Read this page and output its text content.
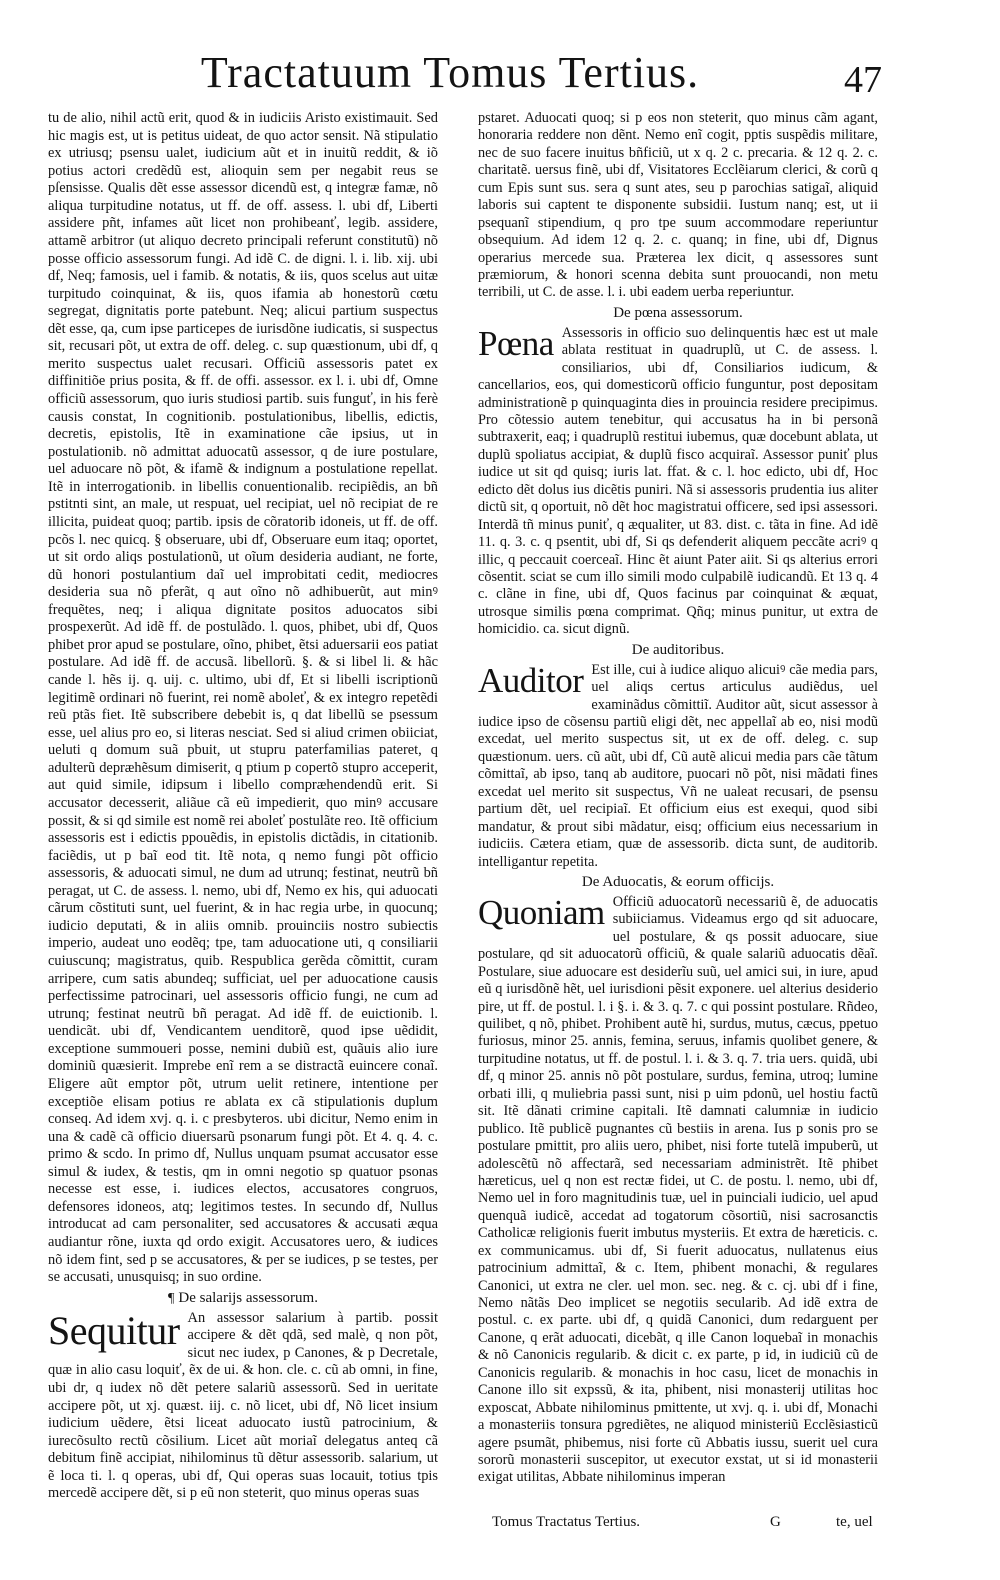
Tractatuum Tomus Tertius.	47

tu de alio, nihil actũ erit, quod & in iudiciis Aristo existimauit. Sed hic magis est, ut is petitus uideat, de quo actor sensit. Nã stipulatio ex utriusq; psensu ualet, iudicium aũt et in inuitũ reddit, & iõ potius actori credẽdũ est, alioquin sem per negabit reus se pſensisse. Qualis dẽt esse assessor dicendũ est, q integræ famæ, nõ aliqua turpitudine notatus, ut ff. de off. assess. l. ubi df, Liberti assidere pñt, infames aũt licet non prohibeanť, legib. assidere, attamẽ arbitror (ut aliquo decreto principali referunt constitutũ) nõ posse officio assessorum fungi. Ad idẽ C. de digni. l. i. lib. xij. ubi df, Neq; famosis, uel i famib. & notatis, & iis, quos scelus aut uitæ turpitudo coinquinat, & iis, quos ifamia ab honestorũ cœtu segregat, dignitatis porte patebunt. Neq; alicui partium suspectus dẽt esse, qa, cum ipse particepes de iurisdõne iudicatis, si suspectus sit, recusari põt, ut extra de off. deleg. c. sup quæstionum, ubi df, q merito suspectus ualet recusari. Officiũ assessoris patet ex diffinitiõe prius posita, & ff. de offi. assessor. ex l. i. ubi df, Omne officiũ assessorum, quo iuris studiosi partib. suis funguť, in his ferè causis constat, In cognitionib. postulationibus, libellis, edictis, decretis, epistolis, Itẽ in examinatione cãe ipsius, ut in postulationib. nõ admittat aduocatũ assessor, q de iure postulare, uel aduocare nõ põt, & ifamẽ & indignum a postulatione repellat. Itẽ in interrogationib. in libellis conuentionalib. recipiẽdis, an bñ pstitnti sint, an male, ut respuat, uel recipiat, uel nõ recipiat de re illicita, puideat quoq; partib. ipsis de cõratorib idoneis, ut ff. de off. pcõs l. nec quicq. § obseruare, ubi df, Obseruare eum itaq; oportet, ut sit ordo aliqs postulationũ, ut oĩum desideria audiant, ne forte, dũ honori postulantium daĩ uel improbitati cedit, mediocres desideria sua nõ pferãt, q aut oĩno nõ adhibuerũt, aut minꝰ frequẽtes, neq; i aliqua dignitate positos aduocatos sibi prospexerũt. Ad idẽ ff. de postulãdo. l. quos, phibet, ubi df, Quos phibet pror apud se postulare, oĩno, phibet, ẽtsi aduersarii eos patiat postulare. Ad idẽ ff. de accusã. libellorũ. §. & si libel li. & hãc cande l. hẽs ij. q. uij. c. ultimo, ubi df, Et si libelli iscriptionũ legitimẽ ordinari nõ fuerint, rei nomẽ aboleť, & ex integro repetẽdi reũ ptãs fiet. Itẽ subscribere debebit is, q dat libellũ se psessum esse, uel alius pro eo, si literas nesciat. Sed si aliud crimen obiiciat, ueluti q domum suã pbuit, ut stupru paterfamilias pateret, q adulterũ depræhẽsum dimiserit, q ptium p copertõ stupro acceperit, aut quid simile, idipsum i libello compræhendendũ erit. Si accusator decesserit, aliãue cã eũ impedierit, quo minꝰ accusare possit, & si qd simile est nomẽ rei aboleť postulãte reo. Itẽ officium assessoris est i edictis ppouẽdis, in epistolis dictãdis, in citationib. faciẽdis, ut p baĩ eod tit. Itẽ nota, q nemo fungi põt officio assessoris, & aduocati simul, ne dum ad utrunq; festinat, neutrũ bñ peragat, ut C. de assess. l. nemo, ubi df, Nemo ex his, qui aduocati cãrum cõstituti sunt, uel fuerint, & in hac regia urbe, in quocunq; iudicio deputati, & in aliis omnib. prouinciis nostro subiectis imperio, audeat uno eodẽq; tpe, tam aduocatione uti, q consiliarii cuiuscunq; magistratus, quib. Respublica gerẽda cõmittit, curam arripere, cum satis abundeq; sufficiat, uel per aduocatione causis perfectissime patrocinari, uel assessoris officio fungi, ne cum ad utrunq; festinat neutrũ bñ peragat. Ad idẽ ff. de euictionib. l. uendicãt. ubi df, Vendicantem uenditorẽ, quod ipse uẽdidit, exceptione summoueri posse, nemini dubiũ est, quãuis alio iure dominiũ quæsierit. Imprebe enĩ rem a se distractã euincere conaĩ. Eligere aũt emptor põt, utrum uelit retinere, intentione per exceptiõe elisam potius re ablata ex cã stipulationis duplum conseq. Ad idem xvj. q. i. c presbyteros. ubi dicitur, Nemo enim in una & cadẽ cã officio diuersarũ psonarum fungi põt. Et 4. q. 4. c. primo & scdo. In primo df, Nullus unquam psumat accusator esse simul & iudex, & testis, qm in omni negotio sp quatuor psonas necesse est esse, i. iudices electos, accusatores congruos, defensores idoneos, atq; legitimos testes. In secundo df, Nullus introducat ad cam personaliter, sed accusatores & accusati æqua audiantur rõne, iuxta qd ordo exigit. Accusatores uero, & iudices nõ idem fint, sed p se accusatores, & per se iudices, p se testes, per se accusati, unusquisq; in suo ordine.

¶ De salarijs assessorum.
Sequitur An assessor salarium à partib. possit accipere & dẽt qdã, sed malè, q non põt, sicut nec iudex, p Canones, & p Decretale, quæ in alio casu loquiť, ẽx de ui. & hon. cle. c. cũ ab omni, in fine, ubi dr, q iudex nõ dẽt petere salariũ assessorũ. Sed in ueritate accipere põt, ut xj. quæst. iij. c. nõ licet, ubi df, Nõ licet insium iudicium uẽdere, ẽtsi liceat aduocato iustũ patrocinium, & iurecõsulto rectũ cõsilium. Licet aũt moriaĩ delegatus anteq cã debitum finẽ accipiat, nihilominus tũ dẽtur assessorib. salarium, ut ẽ loca ti. l. q operas, ubi df, Qui operas suas locauit, totius tpis mercedẽ accipere dẽt, si p eũ non steterit, quo minus operas suas

pstaret. Aduocati quoq; si p eos non steterit, quo minus cãm agant, honoraria reddere non dẽnt. Nemo enĩ cogit, pptis suspẽdis militare, nec de suo facere inuitus bñficiũ, ut x q. 2 c. precaria. & 12 q. 2. c. charitatẽ. uersus finẽ, ubi df, Visitatores Ecclẽiarum clerici, & corũ q cum Epis sunt sus. sera q sunt ates, seu p parochias satigaĩ, aliquid laboris sui captent te disponente subsidii. Iustum nanq; est, ut ii psequanĩ stipendium, q pro tpe suum accommodare reperiuntur obsequium. Ad idem 12 q. 2. c. quanq; in fine, ubi df, Dignus operarius mercede sua. Præterea lex dicit, q assessores sunt præmiorum, & honori scenna debita sunt prouocandi, non metu terribili, ut C. de asse. l. i. ubi eadem uerba reperiuntur.

De pœna assessorum.
Pœna Assessoris in officio suo delinquentis hæc est ut male ablata restituat in quadruplũ, ut C. de assess. l. consiliarios, ubi df, Consiliarios iudicum, & cancellarios, eos, qui domesticorũ officio funguntur, post depositam administrationẽ p quinquaginta dies in prouincia residere precipimus. Pro cõtessio autem tenebitur, qui accusatus ha in bi personã subtraxerit, eaq; i quadruplũ restitui iubemus, quæ docebunt ablata, ut duplũ spoliatus accipiat, & duplũ fisco acquiraĩ. Assessor puniť plus iudice ut sit qd quisq; iuris lat. ffat. & c. l. hoc edicto, ubi df, Hoc edicto dẽt dolus ius dicẽtis puniri. Nã si assessoris prudentia ius aliter dictũ sit, q oportuit, nõ dẽt hoc magistratui officere, sed ipsi assessori. Interdã tñ minus puniť, q æqualiter, ut 83. dist. c. tãta in fine. Ad idẽ 11. q. 3. c. q psentit, ubi df, Si qs defenderit aliquem peccãte acriꝰ q illic, q peccauit coerceaĩ. Hinc ẽt aiunt Pater aiit. Si qs alterius errori cõsentit. sciat se cum illo simili modo culpabilẽ iudicandũ. Et 13 q. 4 c. clãne in fine, ubi df, Quos facinus par coinquinat & æquat, utrosque similis pœna comprimat. Qñq; minus punitur, ut extra de homicidio. ca. sicut dignũ.

De auditoribus.
Auditor Est ille, cui à iudice aliquo alicuiꝰ cãe media pars, uel aliqs certus articulus audiẽdus, uel examinãdus cõmittiĩ. Auditor aũt, sicut assessor à iudice ipso de cõsensu partiũ eligi dẽt, nec appellaĩ ab eo, nisi modũ excedat, uel merito suspectus sit, ut ex de off. deleg. c. sup quæstionum. uers. cũ aũt, ubi df, Cũ autẽ alicui media pars cãe tãtum cõmittaĩ, ab ipso, tanq ab auditore, puocari nõ põt, nisi mãdati fines excedat uel merito sit suspectus, Vñ ne ualeat recusari, de psensu partium dẽt, uel recipiaĩ. Et officium eius est exequi, quod sibi mandatur, & prout sibi mãdatur, eisq; officium eius necessarium in iudiciis. Cætera etiam, quæ de assessorib. dicta sunt, de auditorib. intelligantur repetita.

De Aduocatis, & eorum officijs.
Quoniam Officiũ aduocatorũ necessariũ ẽ, de aduocatis subiiciamus. Videamus ergo qd sit aduocare, uel postulare, & qs possit aduocare, siue postulare, qd sit aduocatorũ officiũ, & quale salariũ aduocatis dẽaĩ. Postulare, siue aduocare est desiderĩu suũ, uel amici sui, in iure, apud eũ q iurisdõnẽ hẽt, uel iurisdioni pẽsit exponere. uel alterius desiderio pire, ut ff. de postul. l. i §. i. & 3. q. 7. c qui possint postulare. Rñdeo, quilibet, q nõ, phibet. Prohibent autẽ hi, surdus, mutus, cæcus, ppetuo furiosus, minor 25. annis, femina, seruus, infamis quolibet genere, & turpitudine notatus, ut ff. de postul. l. i. & 3. q. 7. tria uers. quidã, ubi df, q minor 25. annis nõ põt postulare, surdus, femina, utroq; lumine orbati illi, q muliebria passi sunt, nisi p uim pdonũ, uel hostiu factũ sit. Itẽ dãnati crimine capitali. Itẽ damnati calumniæ in iudicio publico. Itẽ publicẽ pugnantes cũ bestiis in arena. Ius p sonis pro se postulare pmittit, pro aliis uero, phibet, nisi forte tutelã impuberũ, ut adolescẽtũ nõ affectarã, sed necessariam administrẽt. Itẽ phibet hæreticus, uel q non est rectæ fidei, ut C. de postu. l. nemo, ubi df, Nemo uel in foro magnitudinis tuæ, uel in puinciali iudicio, uel apud quenquã iudicẽ, accedat ad togatorum cõsortiũ, nisi sacrosanctis Catholicæ religionis fuerit imbutus mysteriis. Et extra de hæreticis. c. ex communicamus. ubi df, Si fuerit aduocatus, nullatenus eius patrocinium admittaĩ, & c. Item, phibent monachi, & regulares Canonici, ut extra ne cler. uel mon. sec. neg. & c. cj. ubi df i fine, Nemo nãtãs Deo implicet se negotiis secularib. Ad idẽ extra de postul. c. ex parte. ubi df, q quidã Canonici, dum redarguent per Canone, q erãt aduocati, dicebãt, q ille Canon loquebaĩ in monachis & nõ Canonicis regularib. & dicit c. ex parte, p id, in iudiciũ cũ de Canonicis regularib. & monachis in hoc casu, licet de monachis in Canone illo sit expssũ, & ita, phibent, nisi monasterij utilitas hoc exposcat, Abbate nihilominus pmittente, ut xvj. q. i. ubi df, Monachi a monasteriis tonsura pgrediẽtes, ne aliquod ministeriũ Ecclẽsiasticũ agere psumãt, phibemus, nisi forte cũ Abbatis iussu, suerit uel cura sororũ monasterii suscepitor, ut executor exstat, ut si id monasterii exigat utilitas, Abbate nihilominus imperan

Tomus Tractatus Tertius.	G	te, uel
